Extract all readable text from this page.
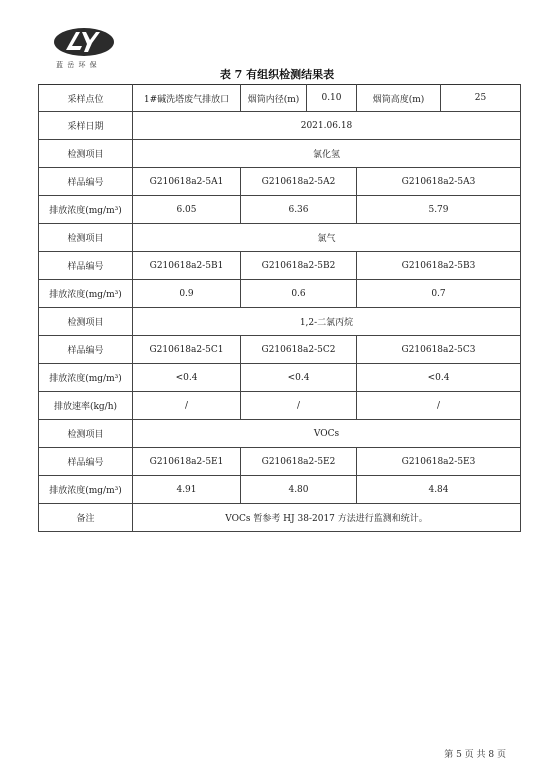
蓝 岳 环 保
表 7 有组织检测结果表
采样点位	1#碱洗塔废气排放口	烟筒内径(m)	0.10	烟筒高度(m)	25
采样日期	2021.06.18				
检测项目	氯化氢				
样品编号	G210618a2-5A1	G210618a2-5A2		G210618a2-5A3	
排放浓度(mg/m³)	6.05	6.36		5.79	
检测项目	氯气				
样品编号	G210618a2-5B1	G210618a2-5B2		G210618a2-5B3	
排放浓度(mg/m³)	0.9	0.6		0.7	
检测项目	1,2-二氯丙烷				
样品编号	G210618a2-5C1	G210618a2-5C2		G210618a2-5C3	
排放浓度(mg/m³)	<0.4	<0.4		<0.4	
排放速率(kg/h)	/	/		/	
检测项目	VOCs				
样品编号	G210618a2-5E1	G210618a2-5E2		G210618a2-5E3	
排放浓度(mg/m³)	4.91	4.80		4.84	
备注	VOCs 暂参考 HJ 38-2017 方法进行监测和统计。				
第 5 页 共 8 页
